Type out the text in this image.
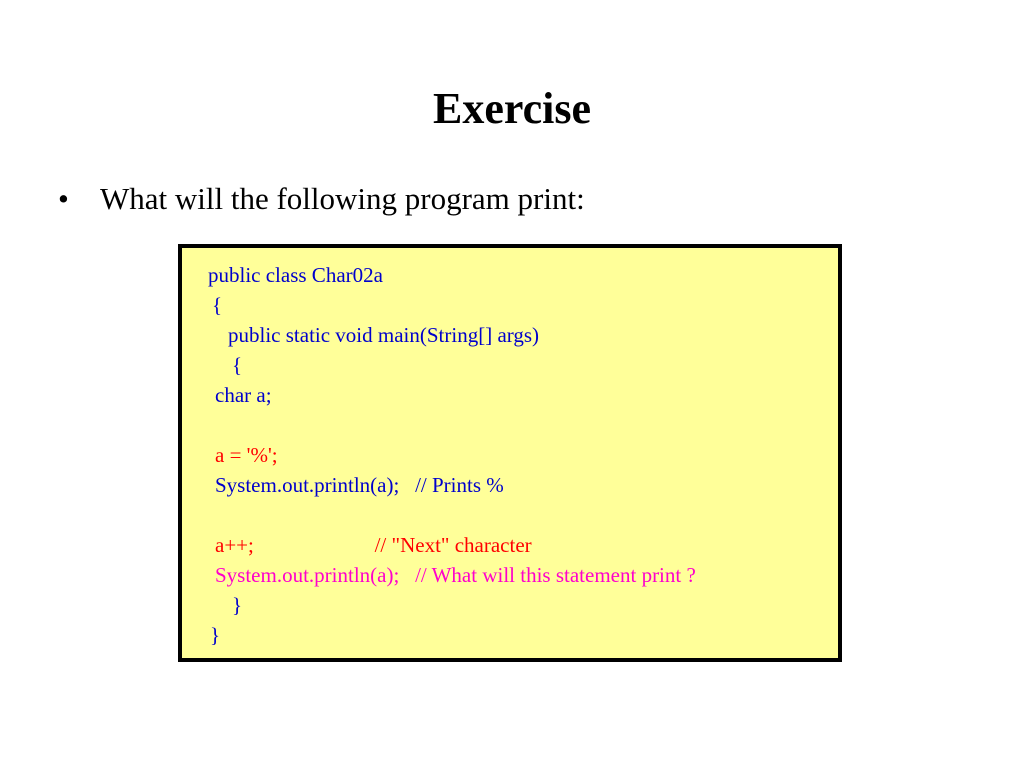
Exercise
• What will the following program print:
public class Char02a
{
public static void main(String[] args)
{
char a;
a = '%';
System.out.println(a);   // Prints %
a++;                       // "Next" character
System.out.println(a);   // What will this statement print ?
}
}
